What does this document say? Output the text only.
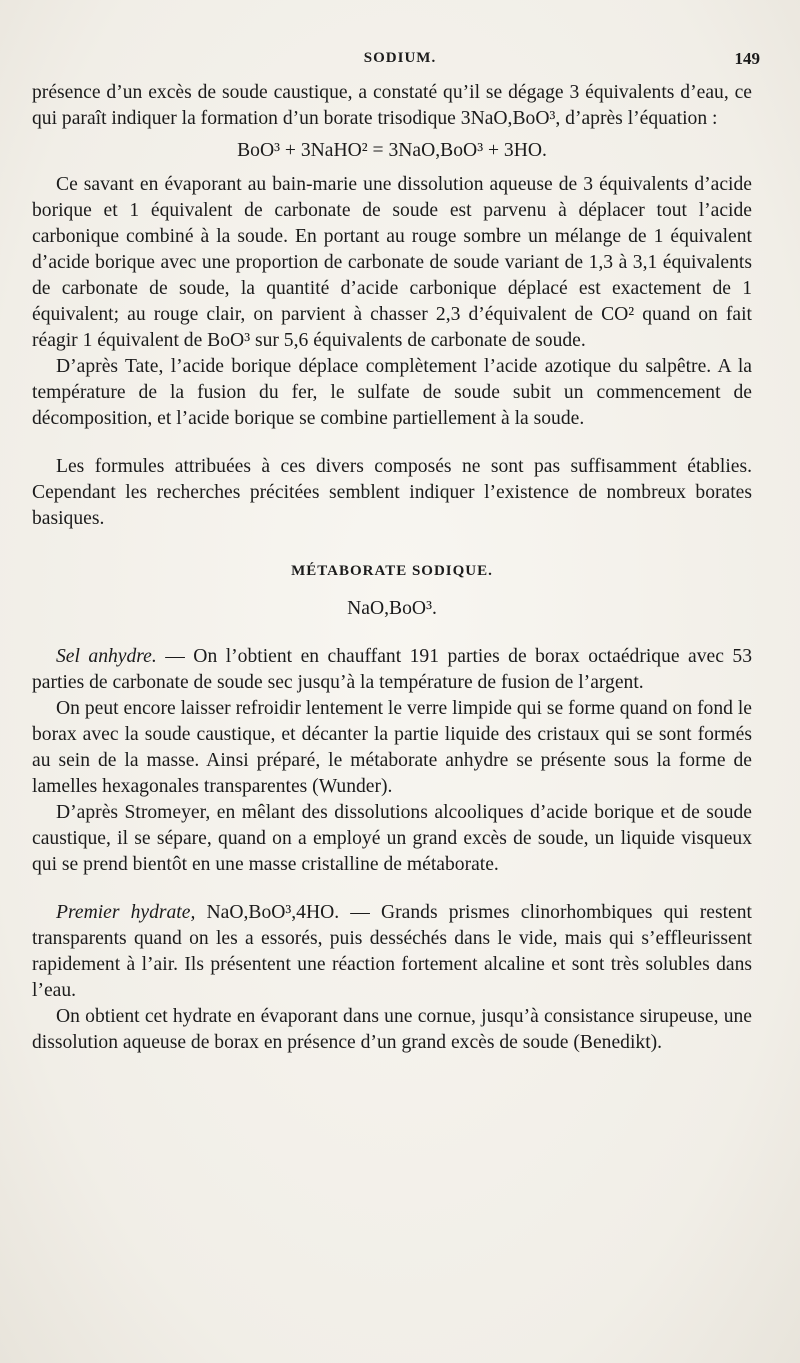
SODIUM.	149

présence d’un excès de soude caustique, a constaté qu’il se dégage 3 équivalents d’eau, ce qui paraît indiquer la formation d’un borate trisodique 3NaO,BoO³, d’après l’équation :

BoO³ + 3NaHO² = 3NaO,BoO³ + 3HO.

Ce savant en évaporant au bain-marie une dissolution aqueuse de 3 équivalents d’acide borique et 1 équivalent de carbonate de soude est parvenu à déplacer tout l’acide carbonique combiné à la soude. En portant au rouge sombre un mélange de 1 équivalent d’acide borique avec une proportion de carbonate de soude variant de 1,3 à 3,1 équivalents de carbonate de soude, la quantité d’acide carbonique déplacé est exactement de 1 équivalent; au rouge clair, on parvient à chasser 2,3 d’équivalent de CO² quand on fait réagir 1 équivalent de BoO³ sur 5,6 équivalents de carbonate de soude.

D’après Tate, l’acide borique déplace complètement l’acide azotique du salpêtre. A la température de la fusion du fer, le sulfate de soude subit un commencement de décomposition, et l’acide borique se combine partiellement à la soude.

Les formules attribuées à ces divers composés ne sont pas suffisamment établies. Cependant les recherches précitées semblent indiquer l’existence de nombreux borates basiques.

MÉTABORATE SODIQUE.
NaO,BoO³.

Sel anhydre. — On l’obtient en chauffant 191 parties de borax octaédrique avec 53 parties de carbonate de soude sec jusqu’à la température de fusion de l’argent.

On peut encore laisser refroidir lentement le verre limpide qui se forme quand on fond le borax avec la soude caustique, et décanter la partie liquide des cristaux qui se sont formés au sein de la masse. Ainsi préparé, le métaborate anhydre se présente sous la forme de lamelles hexagonales transparentes (Wunder).

D’après Stromeyer, en mêlant des dissolutions alcooliques d’acide borique et de soude caustique, il se sépare, quand on a employé un grand excès de soude, un liquide visqueux qui se prend bientôt en une masse cristalline de métaborate.

Premier hydrate, NaO,BoO³,4HO. — Grands prismes clinorhombiques qui restent transparents quand on les a essorés, puis desséchés dans le vide, mais qui s’effleurissent rapidement à l’air. Ils présentent une réaction fortement alcaline et sont très solubles dans l’eau.

On obtient cet hydrate en évaporant dans une cornue, jusqu’à consistance sirupeuse, une dissolution aqueuse de borax en présence d’un grand excès de soude (Benedikt).
